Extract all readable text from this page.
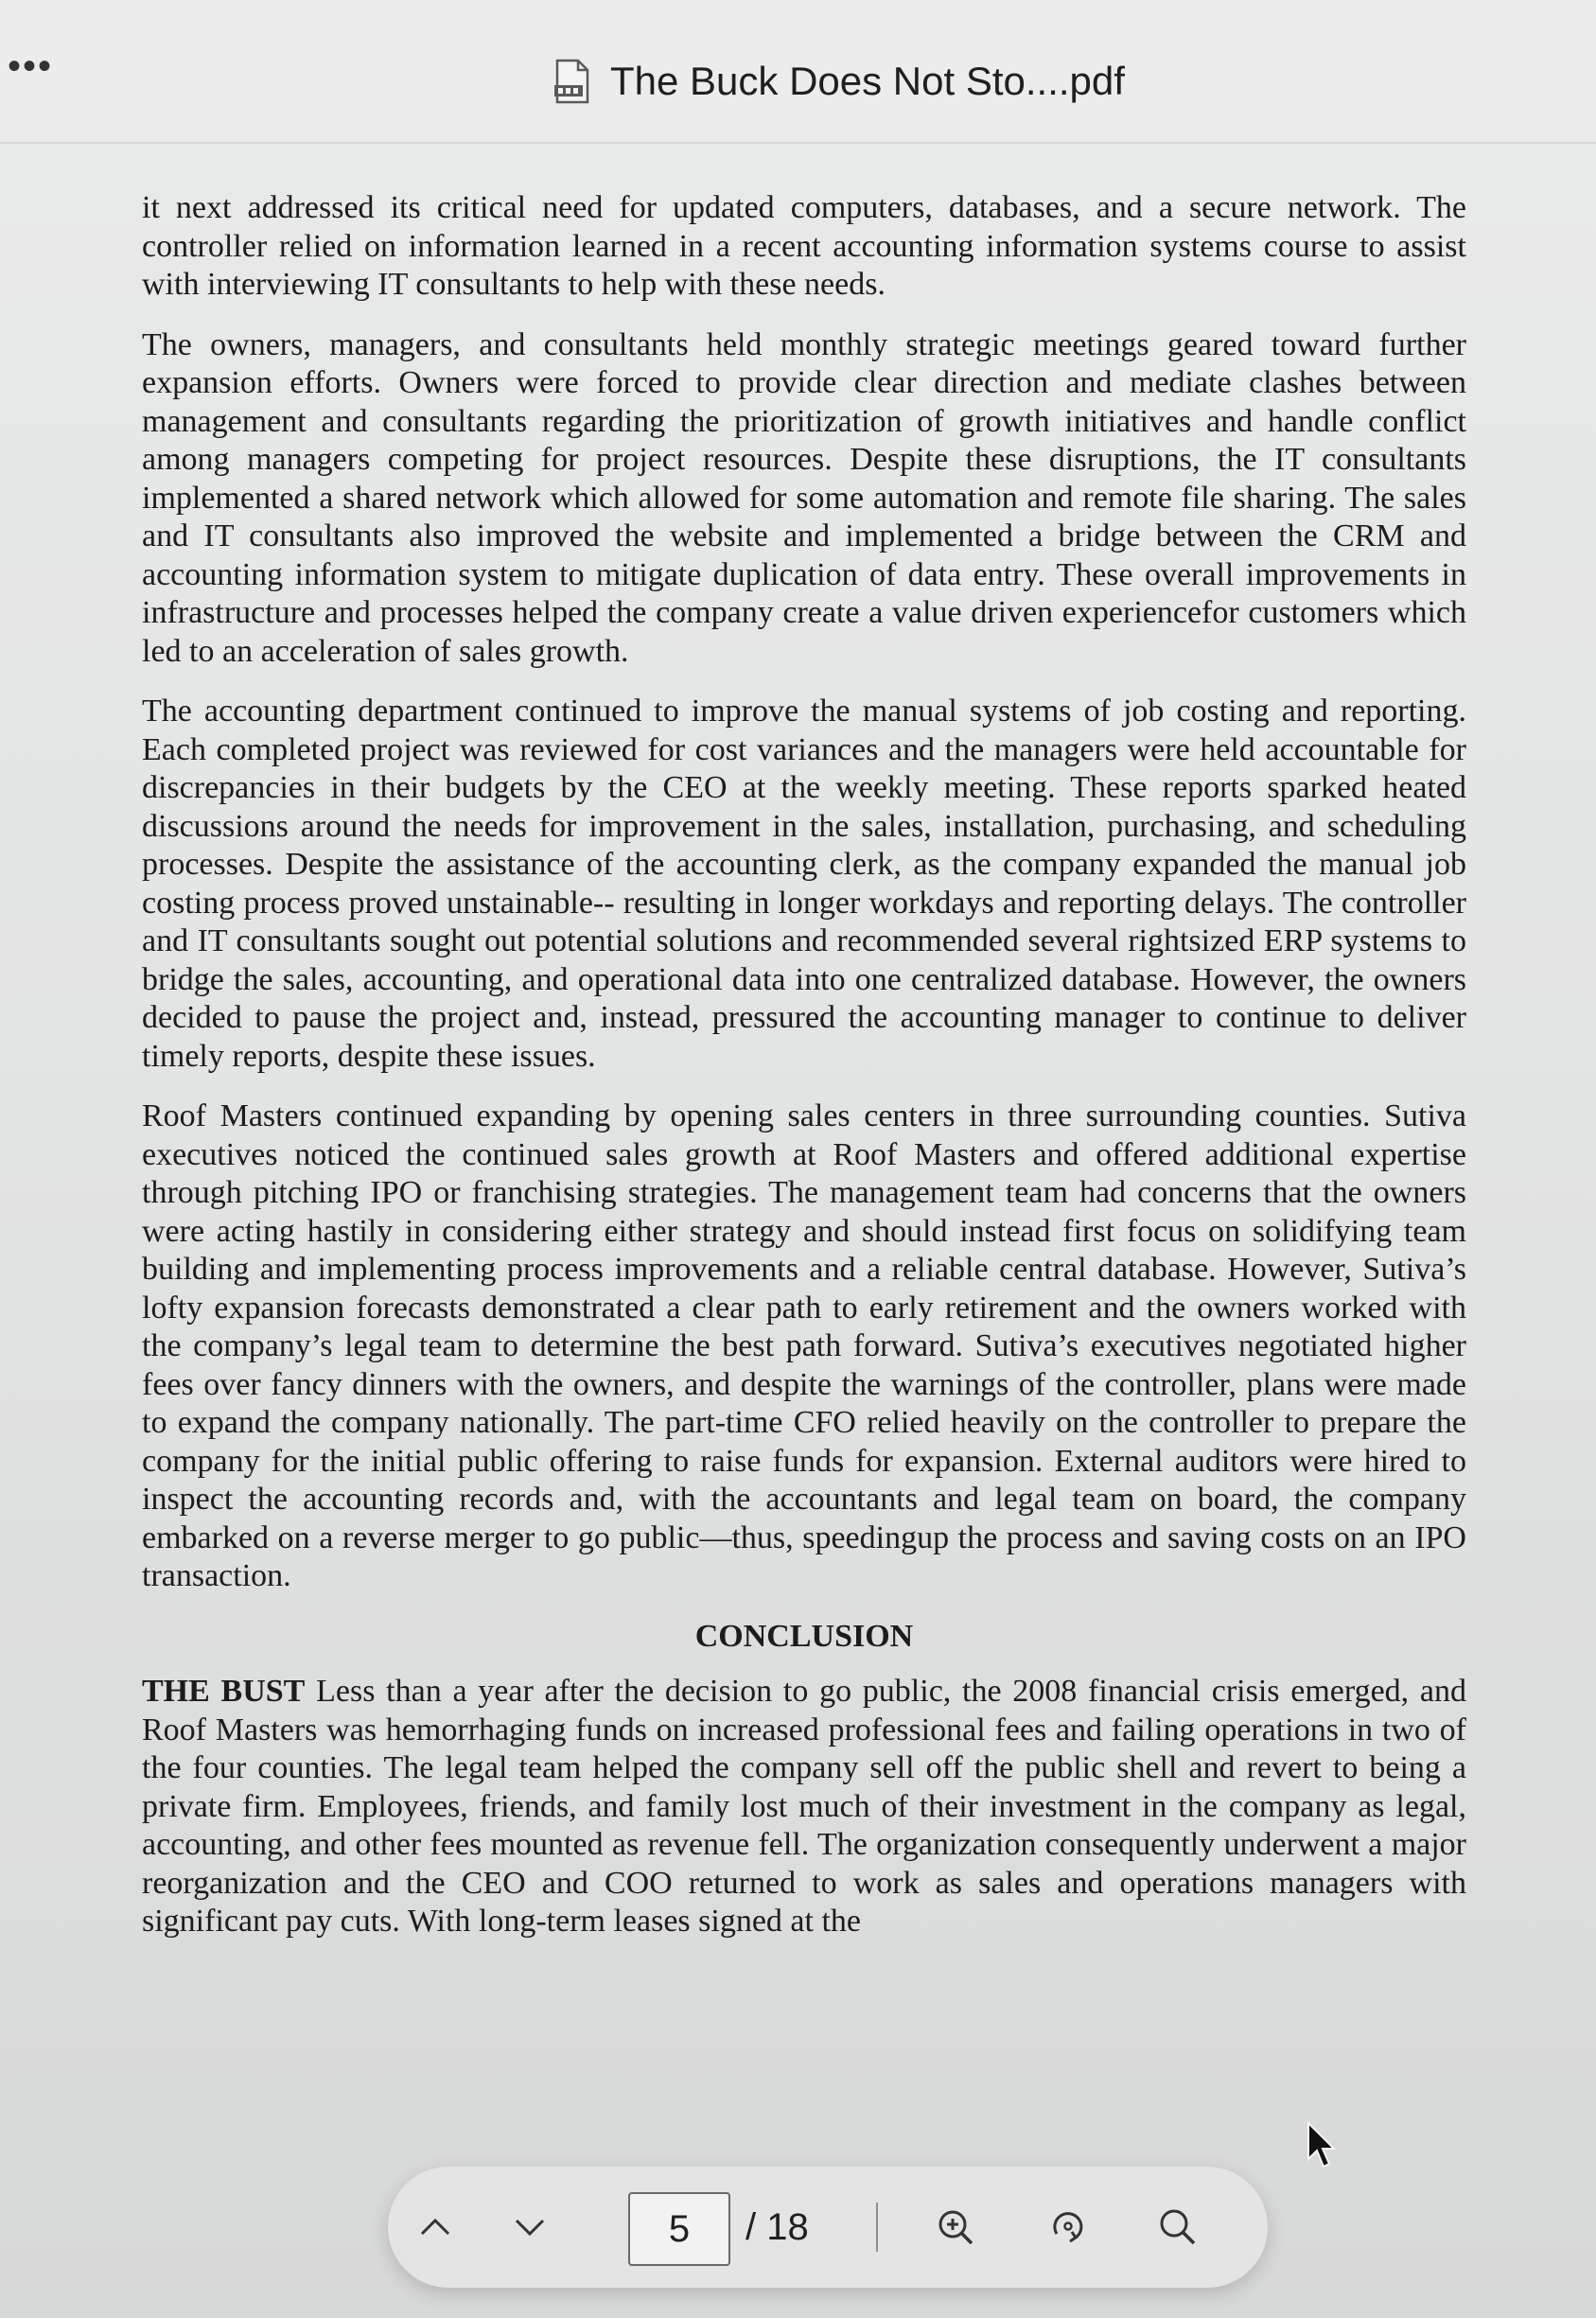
•••	The Buck Does Not Sto....pdf

it next addressed its critical need for updated computers, databases, and a secure network. The controller relied on information learned in a recent accounting information systems course to assist with interviewing IT consultants to help with these needs.

The owners, managers, and consultants held monthly strategic meetings geared toward further expansion efforts. Owners were forced to provide clear direction and mediate clashes between management and consultants regarding the prioritization of growth initiatives and handle conflict among managers competing for project resources. Despite these disruptions, the IT consultants implemented a shared network which allowed for some automation and remote file sharing. The sales and IT consultants also improved the website and implemented a bridge between the CRM and accounting information system to mitigate duplication of data entry. These overall improvements in infrastructure and processes helped the company create a value driven experiencefor customers which led to an acceleration of sales growth.

The accounting department continued to improve the manual systems of job costing and reporting. Each completed project was reviewed for cost variances and the managers were held accountable for discrepancies in their budgets by the CEO at the weekly meeting. These reports sparked heated discussions around the needs for improvement in the sales, installation, purchasing, and scheduling processes. Despite the assistance of the accounting clerk, as the company expanded the manual job costing process proved unstainable-- resulting in longer workdays and reporting delays. The controller and IT consultants sought out potential solutions and recommended several rightsized ERP systems to bridge the sales, accounting, and operational data into one centralized database. However, the owners decided to pause the project and, instead, pressured the accounting manager to continue to deliver timely reports, despite these issues.

Roof Masters continued expanding by opening sales centers in three surrounding counties. Sutiva executives noticed the continued sales growth at Roof Masters and offered additional expertise through pitching IPO or franchising strategies. The management team had concerns that the owners were acting hastily in considering either strategy and should instead first focus on solidifying team building and implementing process improvements and a reliable central database. However, Sutiva’s lofty expansion forecasts demonstrated a clear path to early retirement and the owners worked with the company’s legal team to determine the best path forward. Sutiva’s executives negotiated higher fees over fancy dinners with the owners, and despite the warnings of the controller, plans were made to expand the company nationally. The part-time CFO relied heavily on the controller to prepare the company for the initial public offering to raise funds for expansion. External auditors were hired to inspect the accounting records and, with the accountants and legal team on board, the company embarked on a reverse merger to go public—thus, speedingup the process and saving costs on an IPO transaction.

CONCLUSION

THE BUST Less than a year after the decision to go public, the 2008 financial crisis emerged, and Roof Masters was hemorrhaging funds on increased professional fees and failing operations in two of the four counties. The legal team helped the company sell off the public shell and revert to being a private firm. Employees, friends, and family lost much of their investment in the company as legal, accounting, and other fees mounted as revenue fell. The organization consequently underwent a major reorganization and the CEO and COO returned to work as sales and operations managers with significant pay cuts. With long-term leases signed at the

5	/ 18
